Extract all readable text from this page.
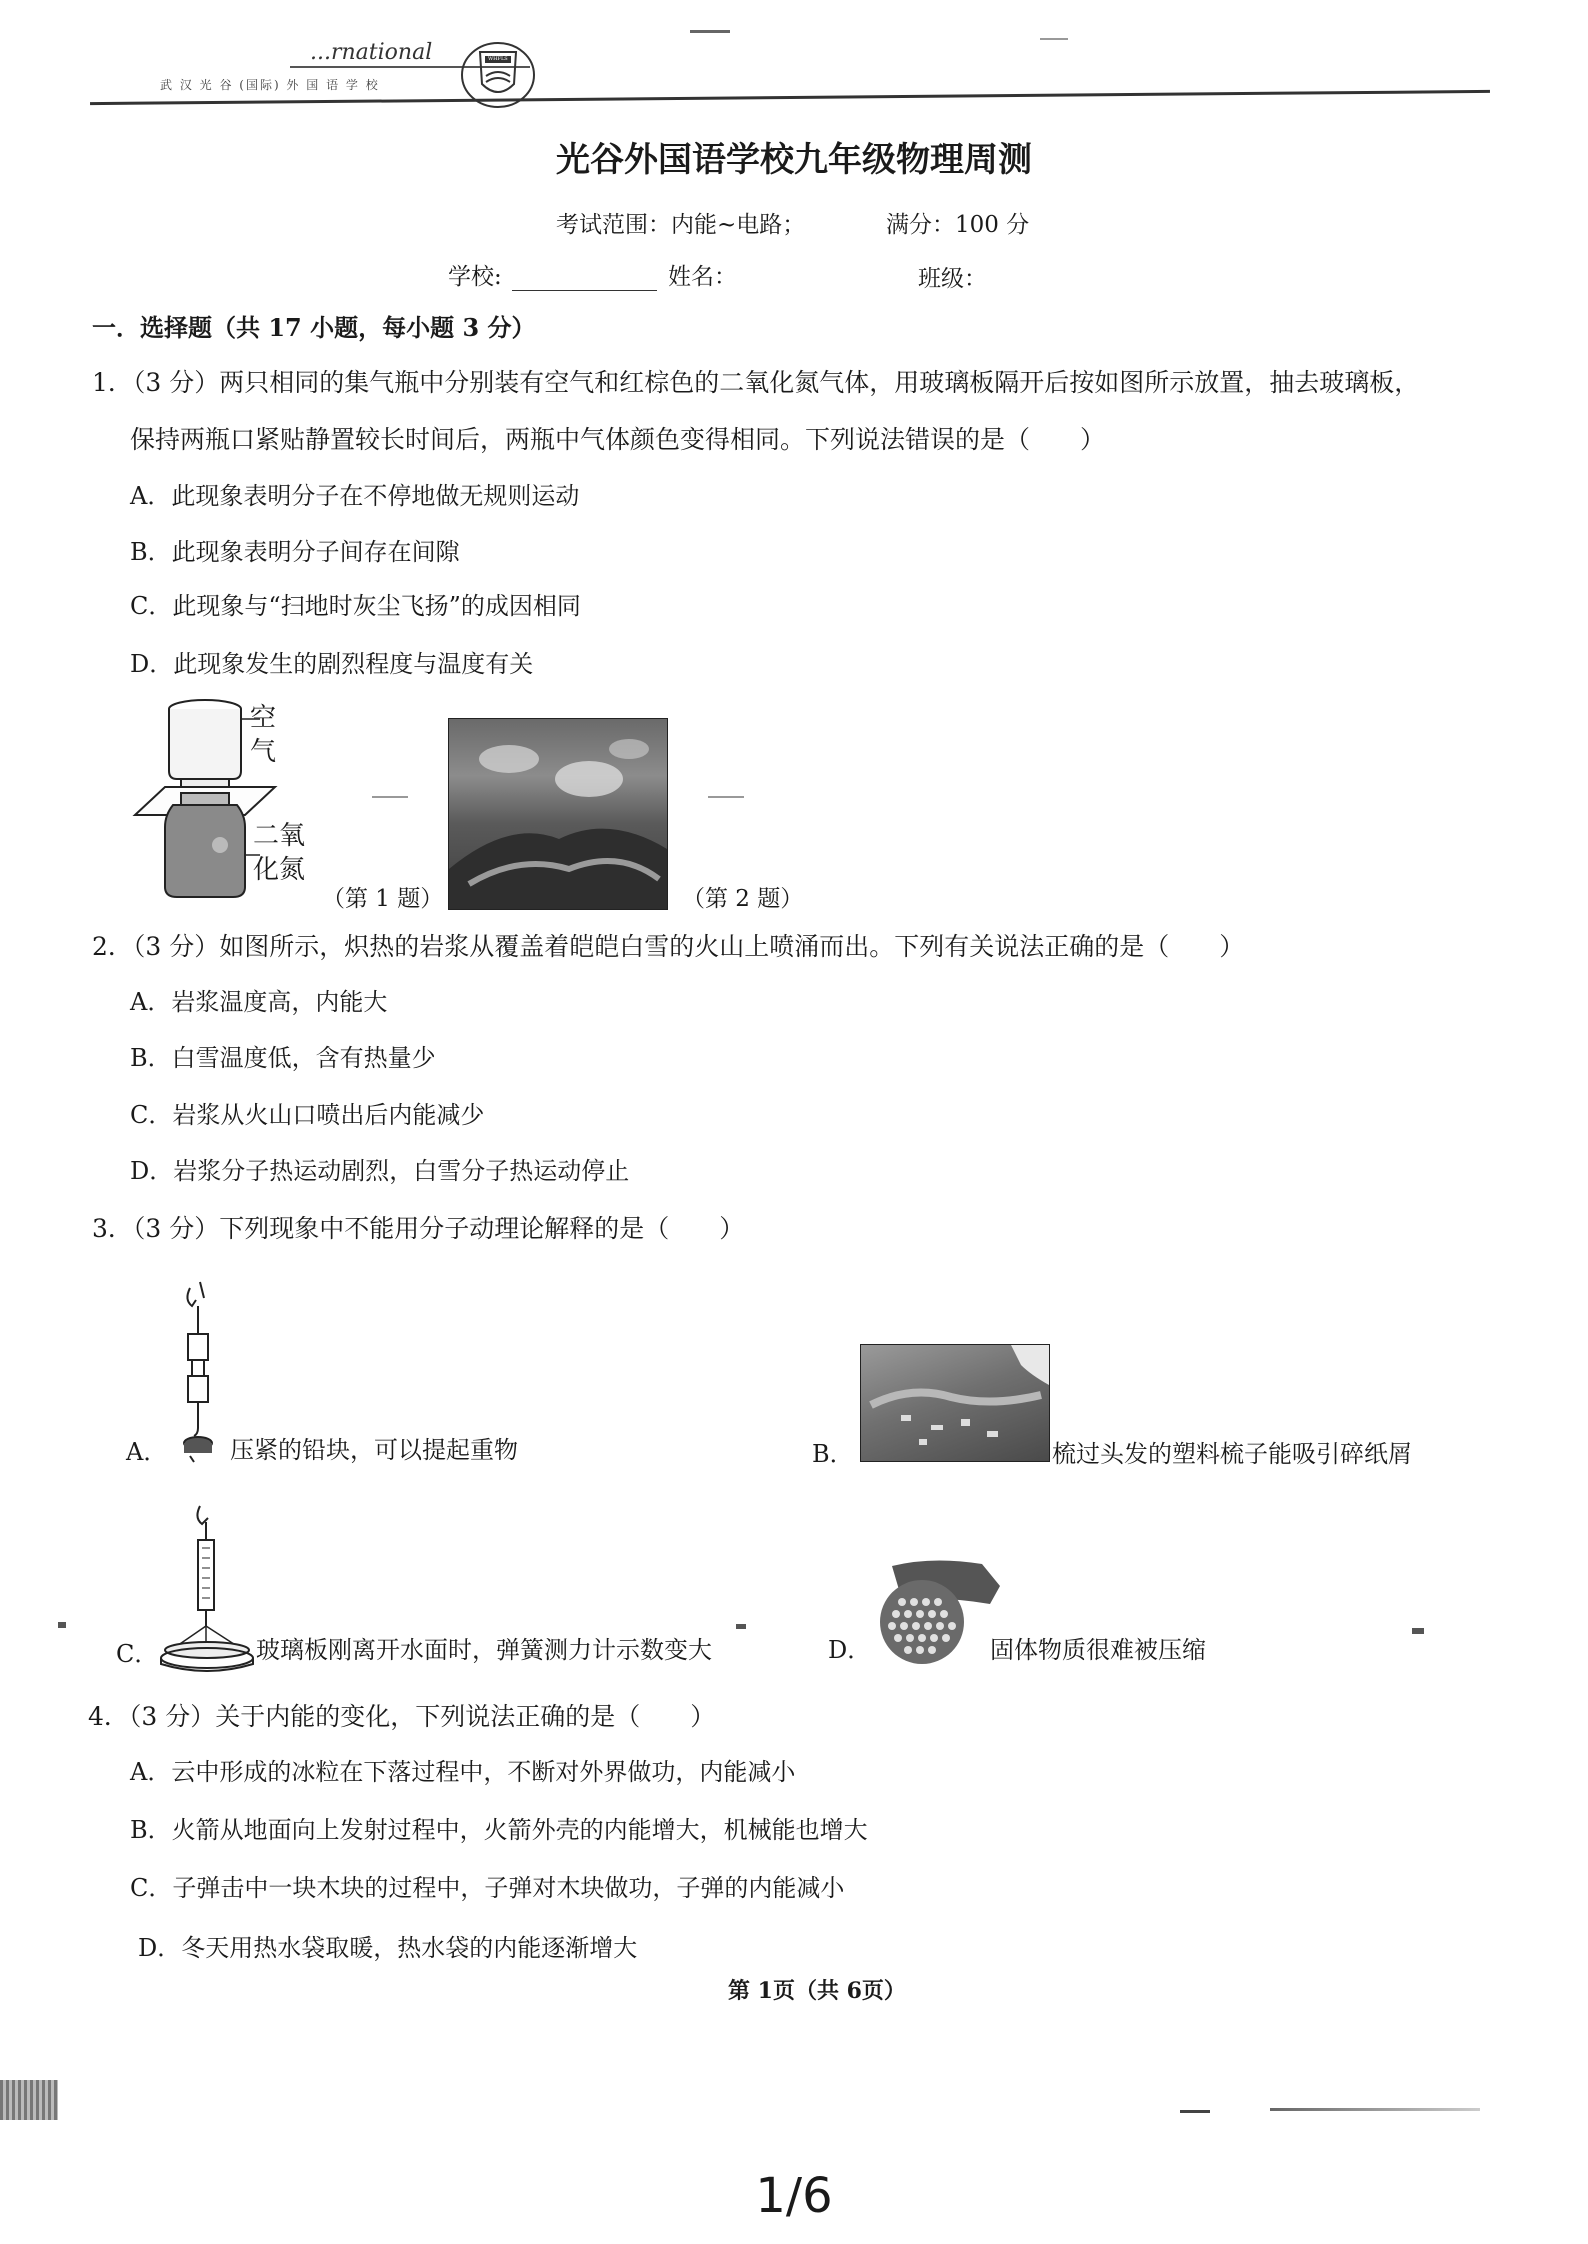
...rnational
武 汉 光 谷 (国际) 外 国 语 学 校
WHFLS
光谷外国语学校九年级物理周测
考试范围：内能~电路；	满分：100 分
学校:	姓名：	班级：
一．选择题（共 17 小题，每小题 3 分）
1．（3 分）两只相同的集气瓶中分别装有空气和红棕色的二氧化氮气体，用玻璃板隔开后按如图所示放置，抽去玻璃板，
保持两瓶口紧贴静置较长时间后，两瓶中气体颜色变得相同。下列说法错误的是（　　）
A．此现象表明分子在不停地做无规则运动
B．此现象表明分子间存在间隙
C．此现象与“扫地时灰尘飞扬”的成因相同
D．此现象发生的剧烈程度与温度有关
空
气
二氧
化氮
（第 1 题）	（第 2 题）
2．（3 分）如图所示，炽热的岩浆从覆盖着皑皑白雪的火山上喷涌而出。下列有关说法正确的是（　　）
A．岩浆温度高，内能大
B．白雪温度低，含有热量少
C．岩浆从火山口喷出后内能减少
D．岩浆分子热运动剧烈，白雪分子热运动停止
3．（3 分）下列现象中不能用分子动理论解释的是（　　）
A．	压紧的铅块，可以提起重物	B．	梳过头发的塑料梳子能吸引碎纸屑
C．	玻璃板刚离开水面时，弹簧测力计示数变大	D．	固体物质很难被压缩
4．（3 分）关于内能的变化，下列说法正确的是（　　）
A．云中形成的冰粒在下落过程中，不断对外界做功，内能减小
B．火箭从地面向上发射过程中，火箭外壳的内能增大，机械能也增大
C．子弹击中一块木块的过程中，子弹对木块做功，子弹的内能减小
D．冬天用热水袋取暖，热水袋的内能逐渐增大
第 1页（共 6页）
1/6
